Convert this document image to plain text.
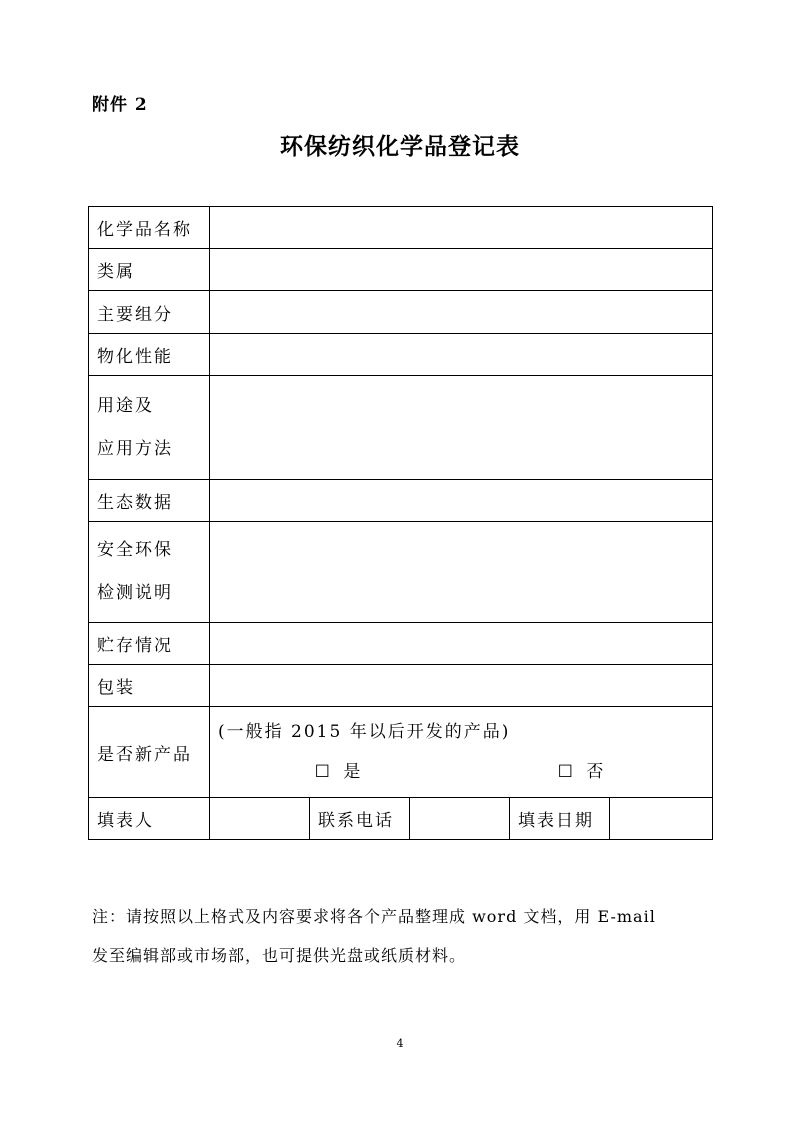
附件 2
环保纺织化学品登记表
化学品名称					
类属					
主要组分					
物化性能					
用途及
应用方法					
生态数据					
安全环保
检测说明					
贮存情况					
包装					
是否新产品	(一般指 2015 年以后开发的产品)
☐ 是 ☐ 否				

填表人		联系电话		填表日期	
注：请按照以上格式及内容要求将各个产品整理成 word 文档，用 E-mail
发至编辑部或市场部，也可提供光盘或纸质材料。
4
